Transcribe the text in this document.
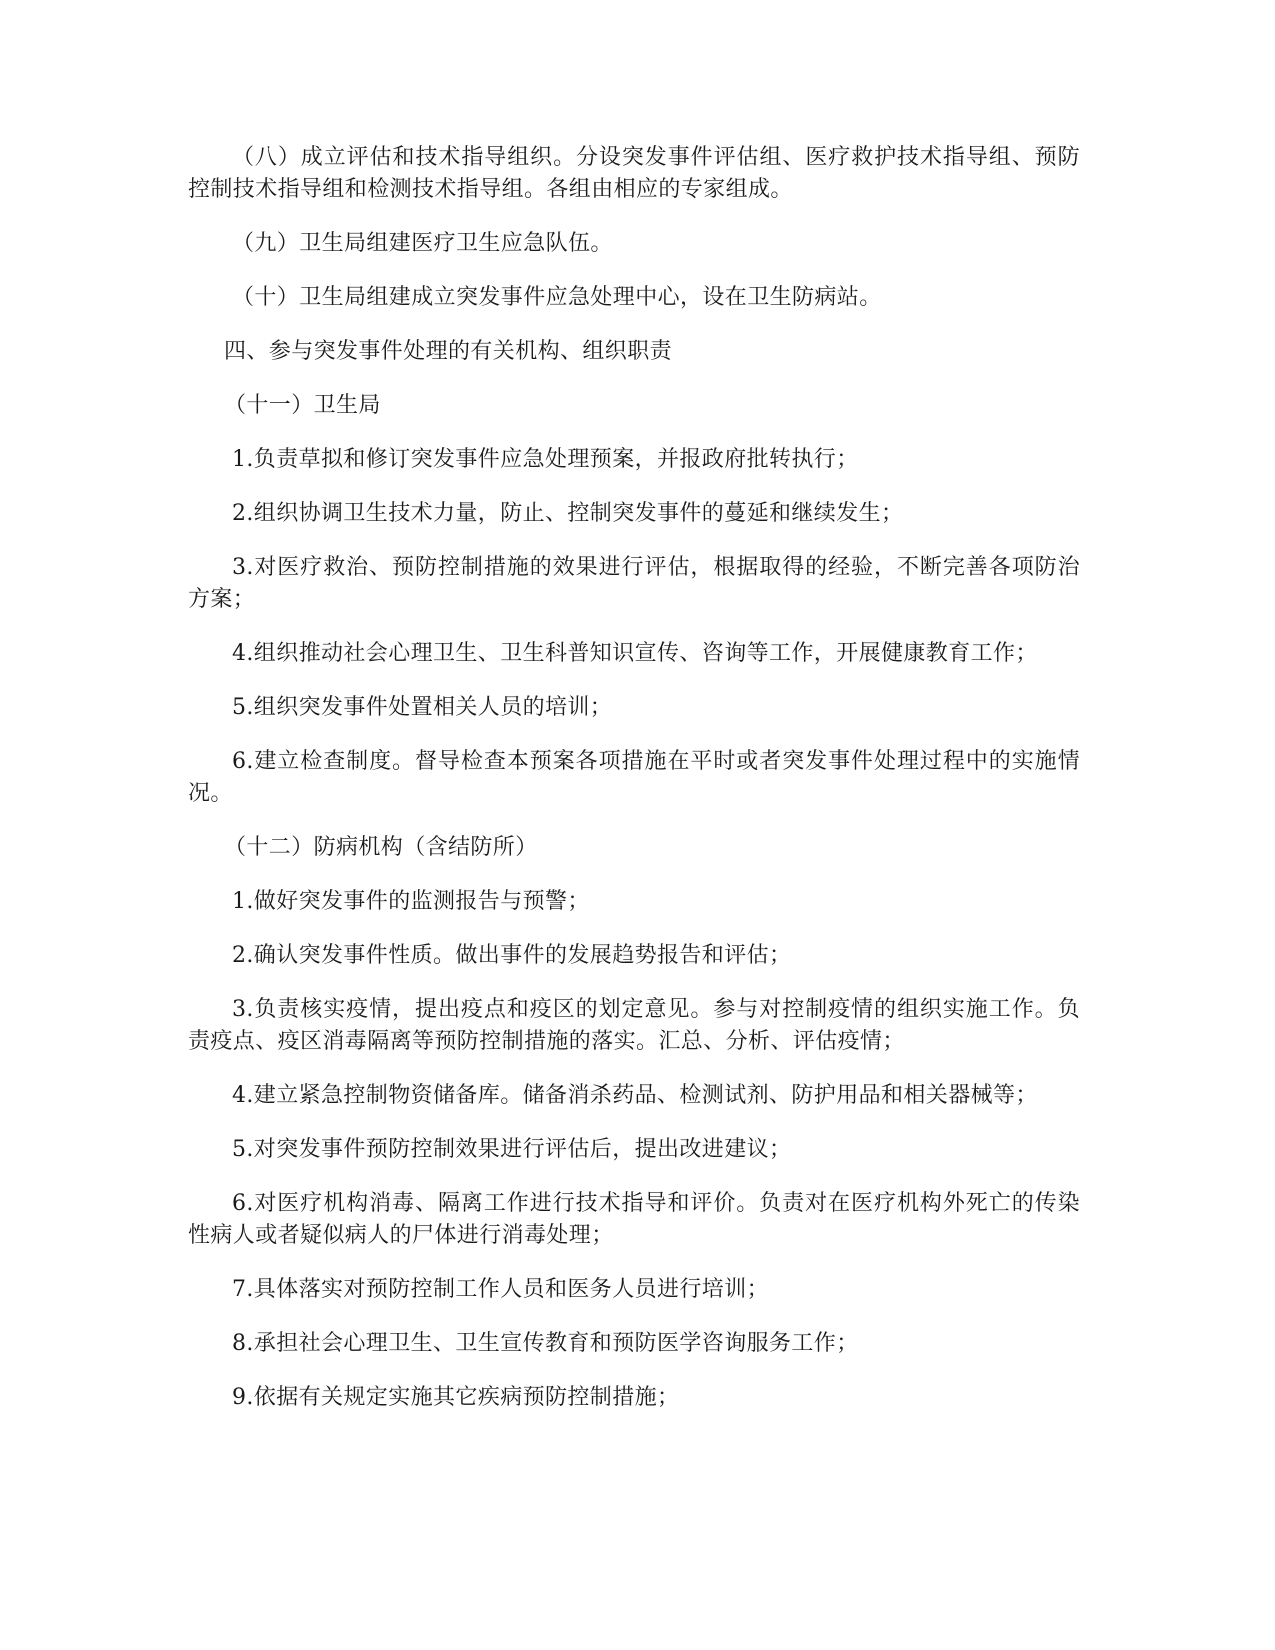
（八）成立评估和技术指导组织。分设突发事件评估组、医疗救护技术指导组、预防控制技术指导组和检测技术指导组。各组由相应的专家组成。

（九）卫生局组建医疗卫生应急队伍。

（十）卫生局组建成立突发事件应急处理中心，设在卫生防病站。

四、参与突发事件处理的有关机构、组织职责

（十一）卫生局

1.负责草拟和修订突发事件应急处理预案，并报政府批转执行；

2.组织协调卫生技术力量，防止、控制突发事件的蔓延和继续发生；

3.对医疗救治、预防控制措施的效果进行评估，根据取得的经验，不断完善各项防治方案；

4.组织推动社会心理卫生、卫生科普知识宣传、咨询等工作，开展健康教育工作；

5.组织突发事件处置相关人员的培训；

6.建立检查制度。督导检查本预案各项措施在平时或者突发事件处理过程中的实施情况。

（十二）防病机构（含结防所）

1.做好突发事件的监测报告与预警；

2.确认突发事件性质。做出事件的发展趋势报告和评估；

3.负责核实疫情，提出疫点和疫区的划定意见。参与对控制疫情的组织实施工作。负责疫点、疫区消毒隔离等预防控制措施的落实。汇总、分析、评估疫情；

4.建立紧急控制物资储备库。储备消杀药品、检测试剂、防护用品和相关器械等；

5.对突发事件预防控制效果进行评估后，提出改进建议；

6.对医疗机构消毒、隔离工作进行技术指导和评价。负责对在医疗机构外死亡的传染性病人或者疑似病人的尸体进行消毒处理；

7.具体落实对预防控制工作人员和医务人员进行培训；

8.承担社会心理卫生、卫生宣传教育和预防医学咨询服务工作；

9.依据有关规定实施其它疾病预防控制措施；
